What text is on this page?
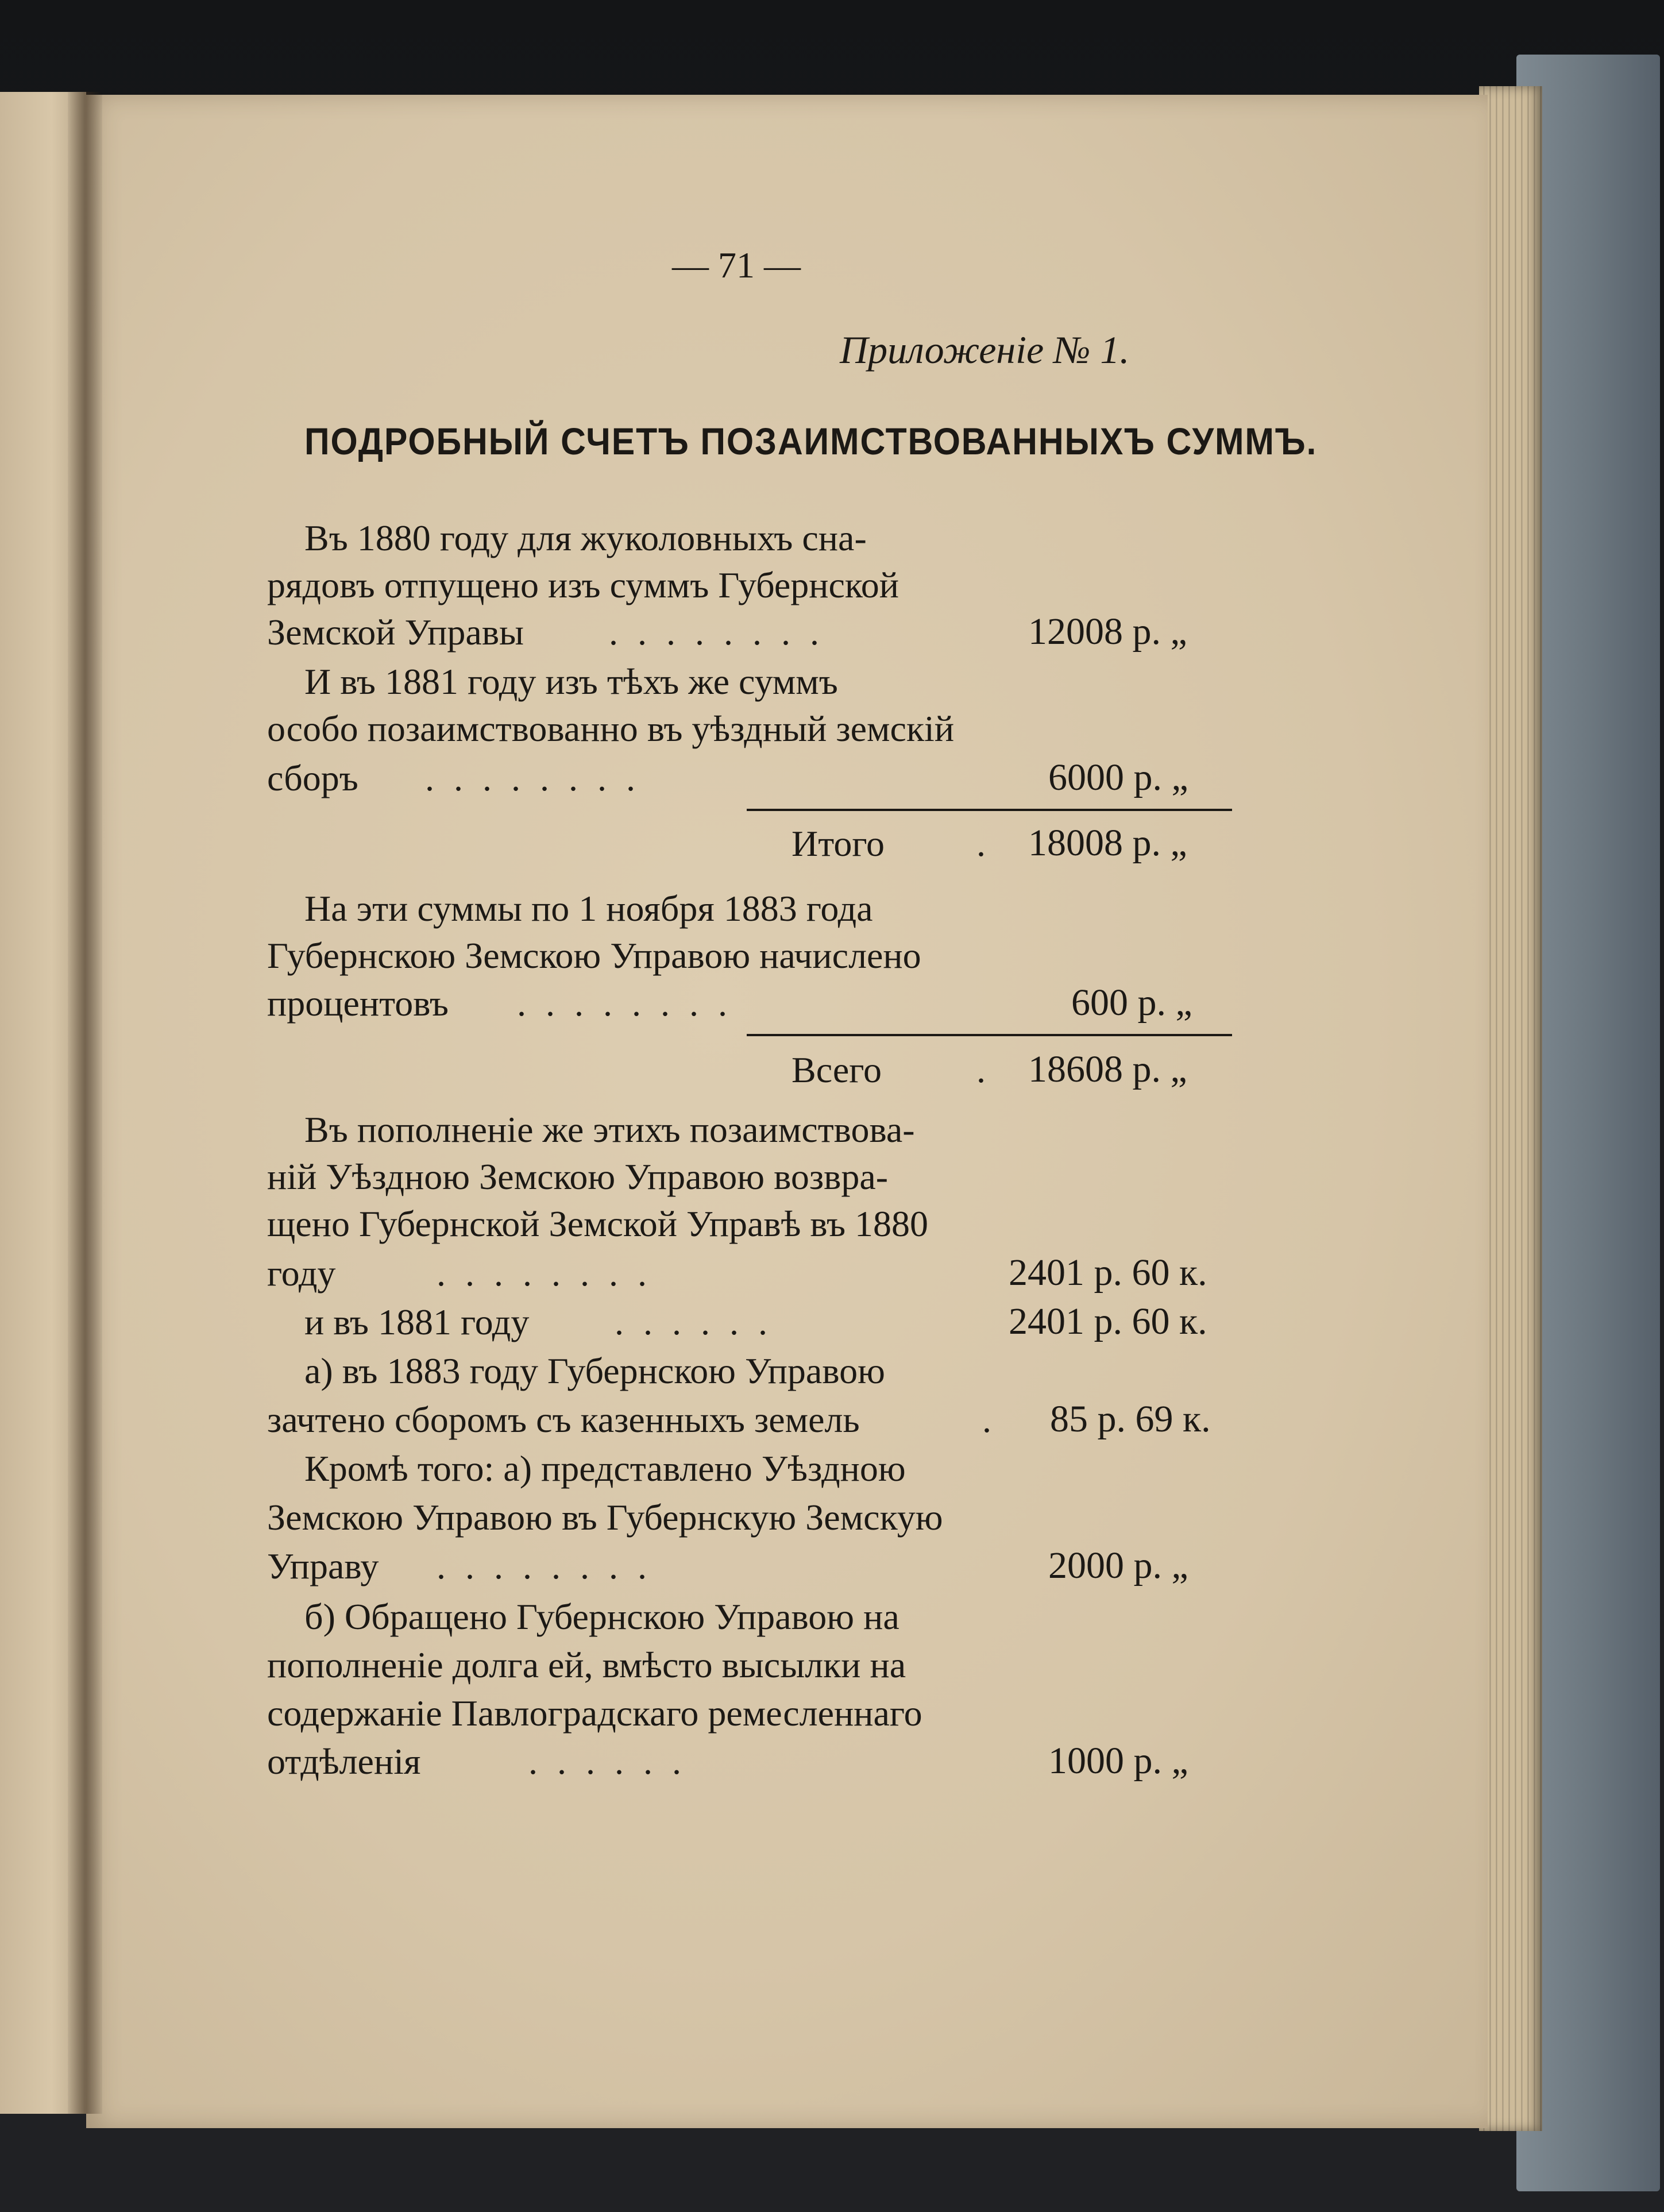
— 71 —
Приложеніе № 1.
ПОДРОБНЫЙ СЧЕТЪ ПОЗАИМСТВОВАННЫХЪ СУММЪ.
Въ 1880 году для жуколовныхъ сна-
рядовъ отпущено изъ суммъ Губернской
Земской Управы ........	12008 р. „
И въ 1881 году изъ тѣхъ же суммъ
особо позаимствованно въ уѣздный земскій
сборъ ........	6000 р. „
Итого	. 18008 р. „
На эти суммы по 1 ноября 1883 года
Губернскою Земскою Управою начислено
процентовъ ........	600 р. „
Всего	. 18608 р. „
Въ пополненіе же этихъ позаимствова-
ній Уѣздною Земскою Управою возвра-
щено Губернской Земской Управѣ въ 1880
году	........	2401 р. 60 к.
и въ 1881 году ......	2401 р. 60 к.
а) въ 1883 году Губернскою Управою
зачтено сборомъ съ казенныхъ земель	. 85 р. 69 к.
Кромѣ того: а) представлено Уѣздною
Земскою Управою въ Губернскую Земскую
Управу ........	2000 р. „
б) Обращено Губернскою Управою на
пополненіе долга ей, вмѣсто высылки на
содержаніе Павлоградскаго ремесленнаго
отдѣленія	......	1000 р. „
